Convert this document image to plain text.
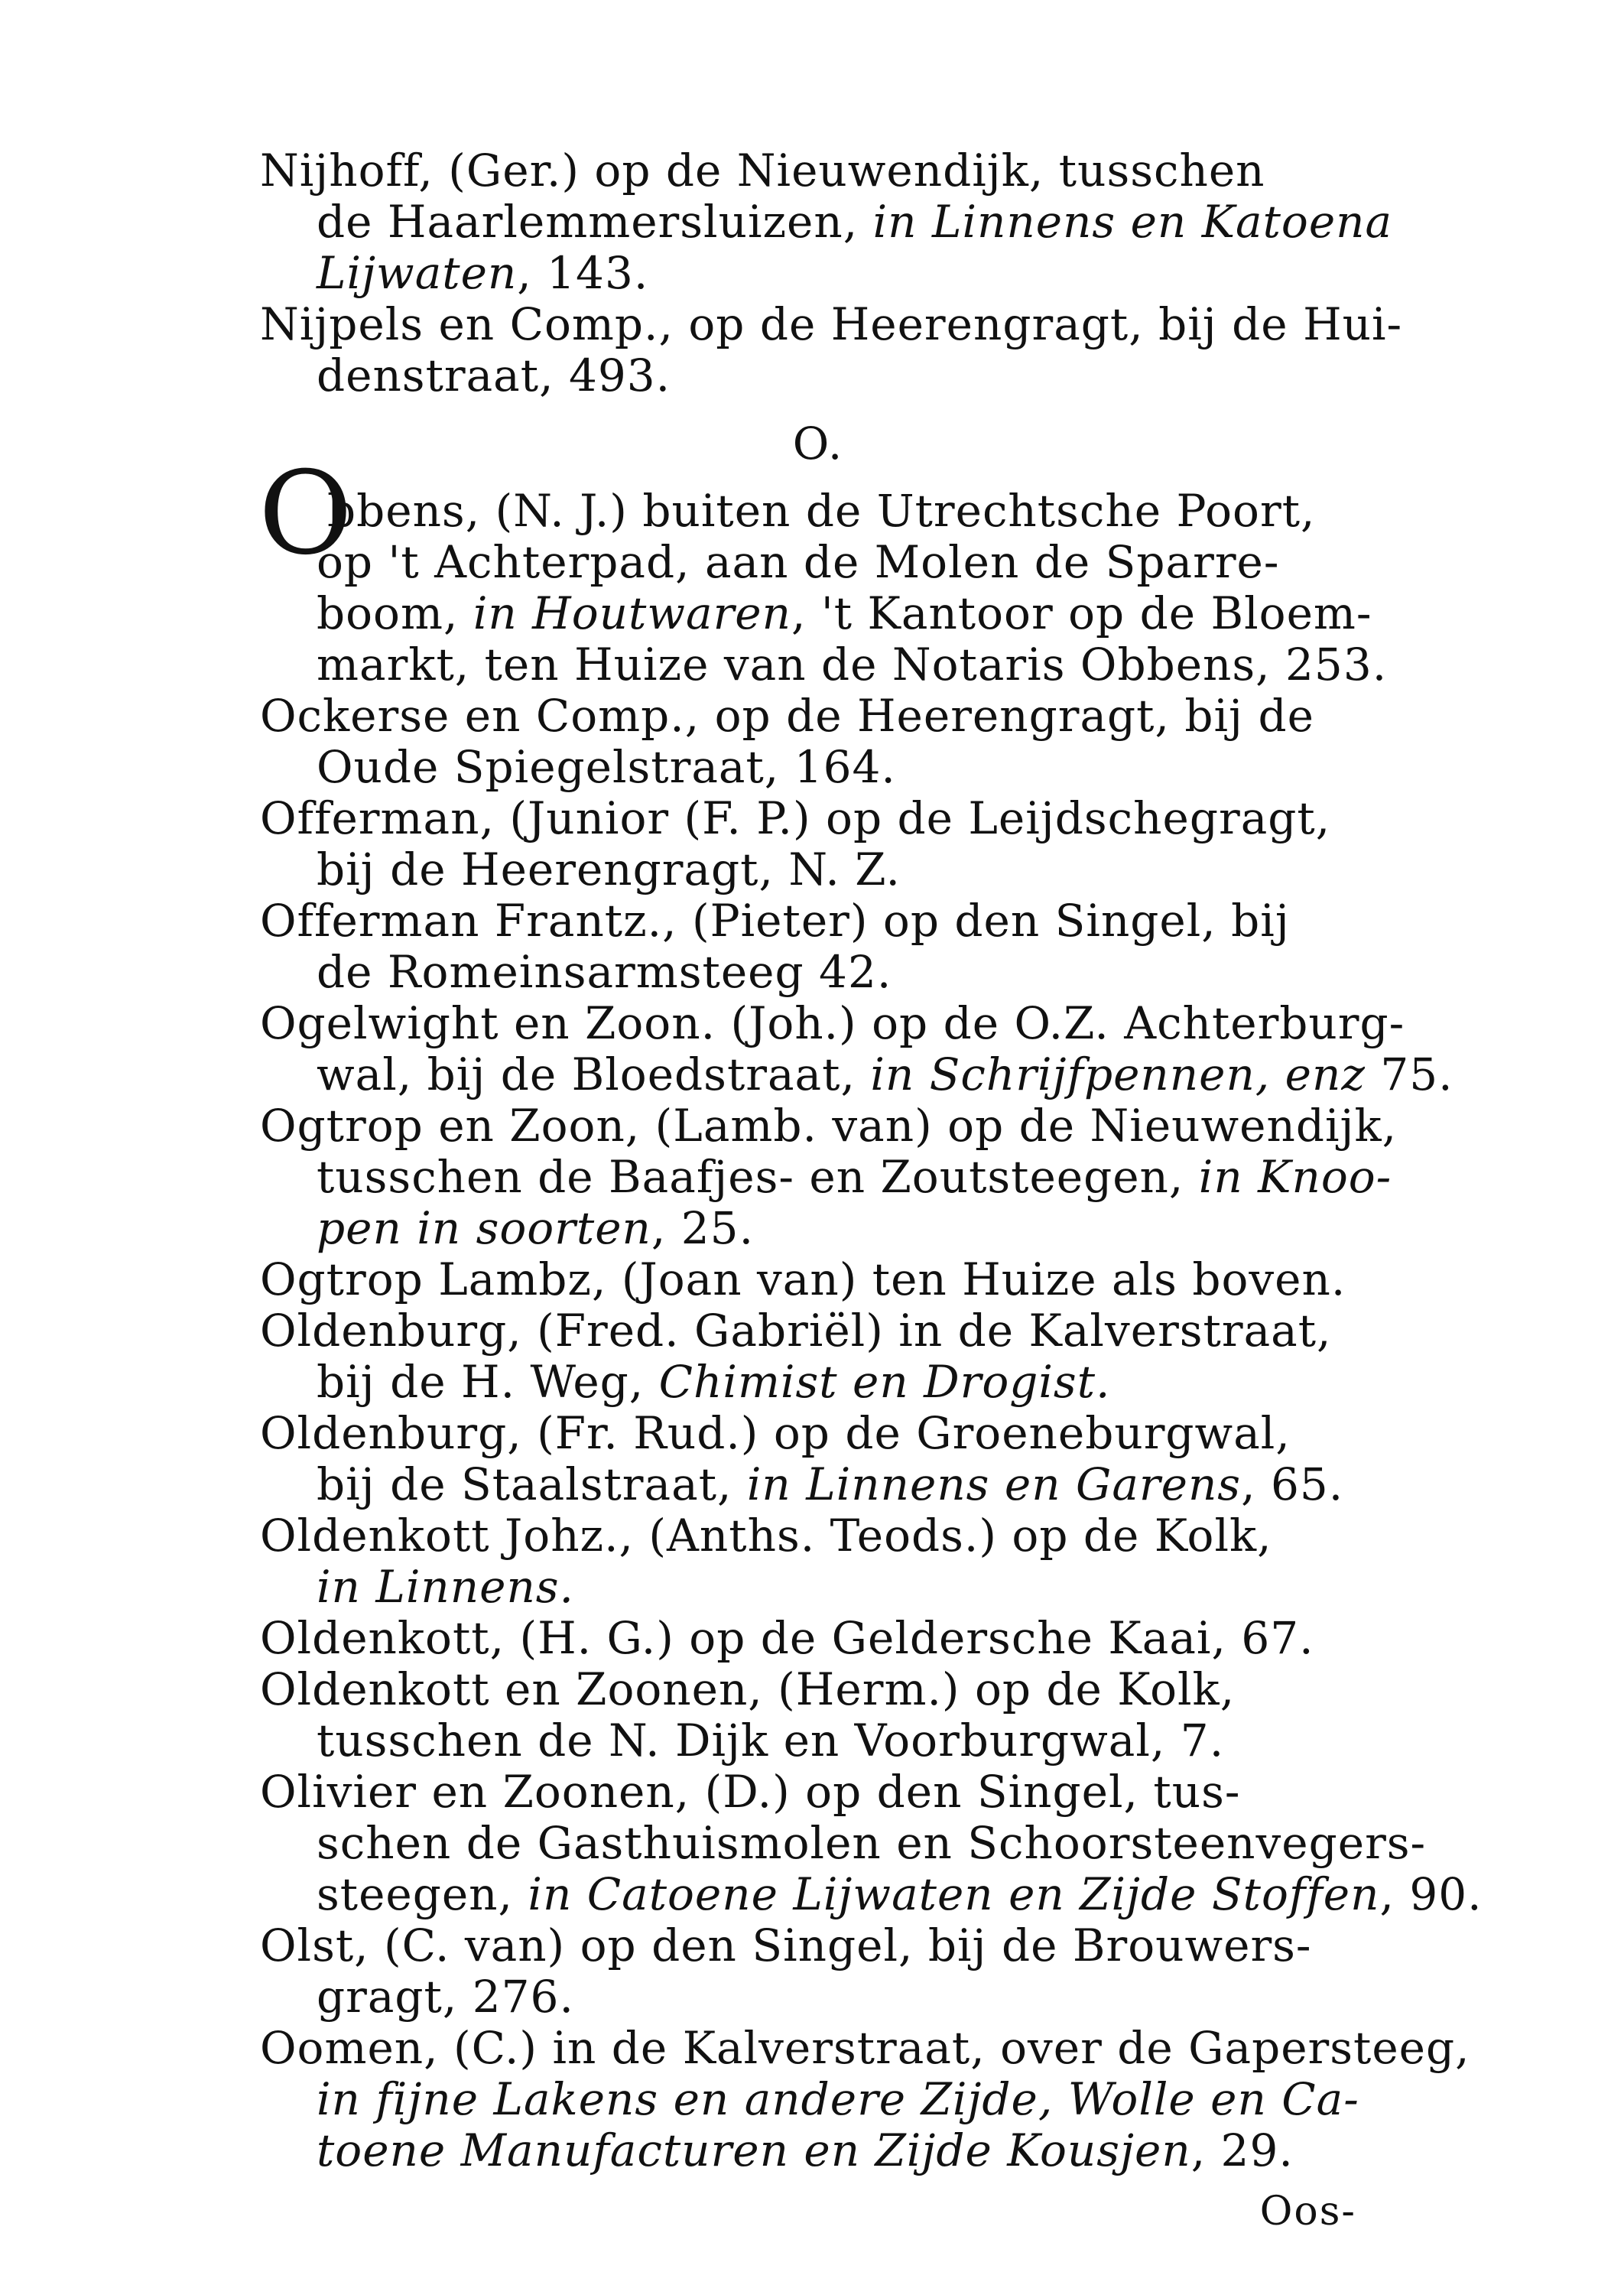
Nijhoff, (Ger.) op de Nieuwendijk, tusschen
de Haarlemmersluizen, in Linnens en Katoena
Lijwaten, 143.
Nijpels en Comp., op de Heerengragt, bij de Hui-
denstraat, 493.
O.
O
bbens, (N. J.) buiten de Utrechtsche Poort,
op 't Achterpad, aan de Molen de Sparre-
boom, in Houtwaren, 't Kantoor op de Bloem-
markt, ten Huize van de Notaris Obbens, 253.
Ockerse en Comp., op de Heerengragt, bij de
Oude Spiegelstraat, 164.
Offerman, (Junior (F. P.) op de Leijdschegragt,
bij de Heerengragt, N. Z.
Offerman Frantz., (Pieter) op den Singel, bij
de Romeinsarmsteeg 42.
Ogelwight en Zoon. (Joh.) op de O.Z. Achterburg-
wal, bij de Bloedstraat, in Schrijfpennen, enz 75.
Ogtrop en Zoon, (Lamb. van) op de Nieuwendijk,
tusschen de Baafjes- en Zoutsteegen, in Knoo-
pen in soorten, 25.
Ogtrop Lambz, (Joan van) ten Huize als boven.
Oldenburg, (Fred. Gabriël) in de Kalverstraat,
bij de H. Weg, Chimist en Drogist.
Oldenburg, (Fr. Rud.) op de Groeneburgwal,
bij de Staalstraat, in Linnens en Garens, 65.
Oldenkott Johz., (Anths. Teods.) op de Kolk,
in Linnens.
Oldenkott, (H. G.) op de Geldersche Kaai, 67.
Oldenkott en Zoonen, (Herm.) op de Kolk,
tusschen de N. Dijk en Voorburgwal, 7.
Olivier en Zoonen, (D.) op den Singel, tus-
schen de Gasthuismolen en Schoorsteenvegers-
steegen, in Catoene Lijwaten en Zijde Stoffen, 90.
Olst, (C. van) op den Singel, bij de Brouwers-
gragt, 276.
Oomen, (C.) in de Kalverstraat, over de Gapersteeg,
in fijne Lakens en andere Zijde, Wolle en Ca-
toene Manufacturen en Zijde Kousjen, 29.
Oos-
